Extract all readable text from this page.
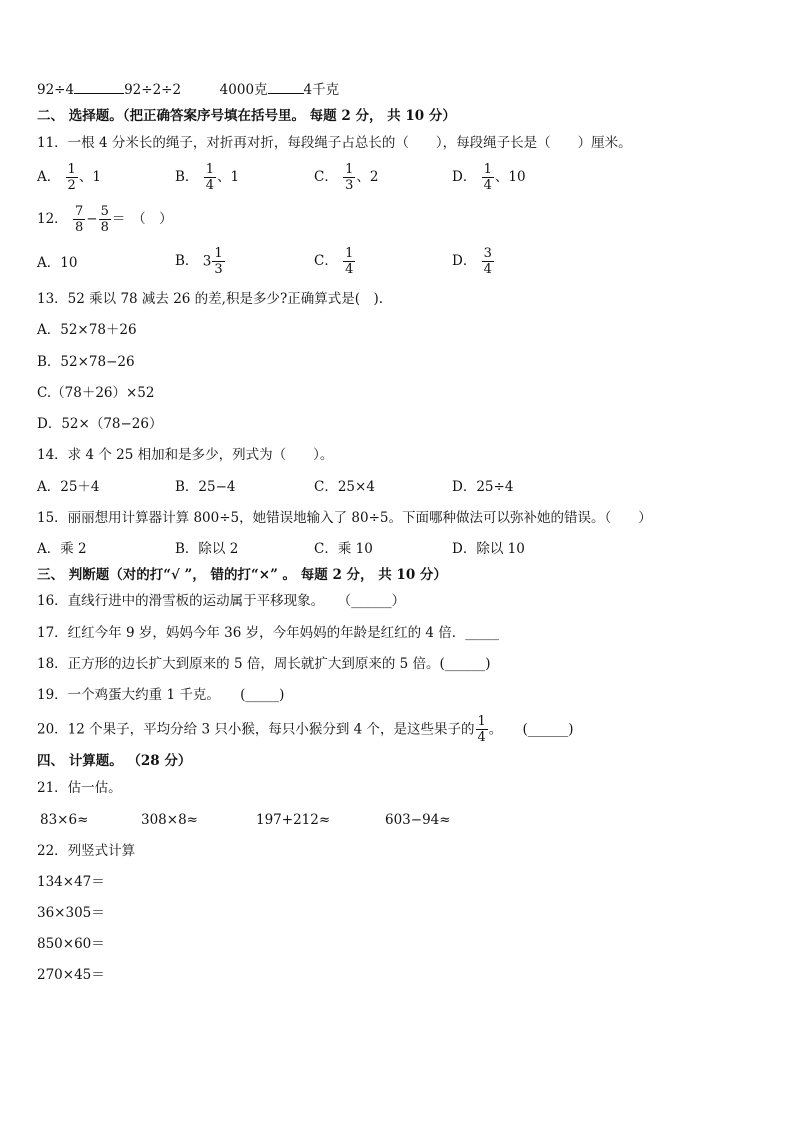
92÷4	92÷2÷2	4000克	4千克
二、 选择题。（把正确答案序号填在括号里。 每题 2 分， 共 10 分）
11．一根 4 分米长的绳子，对折再对折，每段绳子占总长的（　　），每段绳子长是（　　）厘米。
A． $\frac{1}{2}$ 、1	B． $\frac{1}{4}$ 、1	C． $\frac{1}{3}$ 、2	D． $\frac{1}{4}$ 、10
12． $\frac{7}{8} - \frac{5}{8}$ ＝　（　）
A．10	B． $3 \frac{1}{3}$	C． $\frac{1}{4}$	D． $\frac{3}{4}$
13．52 乘以 78 减去 26 的差,积是多少?正确算式是(　).
A．52×78＋26
B．52×78−26
C.（78＋26）×52
D．52×（78−26）
14．求 4 个 25 相加和是多少，列式为（　　）。
A．25＋4	B．25−4	C．25×4	D．25÷4
15．丽丽想用计算器计算 800÷5，她错误地输入了 80÷5。下面哪种做法可以弥补她的错误。（　　）
A．乘 2	B．除以 2	C．乘 10	D．除以 10
三、 判断题（对的打“√ ”， 错的打“×” 。 每题 2 分， 共 10 分）
16．直线行进中的滑雪板的运动属于平移现象。　　（______）
17．红红今年 9 岁，妈妈今年 36 岁，今年妈妈的年龄是红红的 4 倍．_____
18．正方形的边长扩大到原来的 5 倍，周长就扩大到原来的 5 倍。(______)
19．一个鸡蛋大约重 1 千克。　　(_____)
20．12 个果子，平均分给 3 只小猴，每只小猴分到 4 个，是这些果子的 $\frac{1}{4}$ 。　　(______)
四、 计算题。 （28 分）
21．估一估。
83×6≈	308×8≈	197+212≈	603−94≈
22．列竖式计算
134×47＝
36×305＝
850×60＝
270×45＝
